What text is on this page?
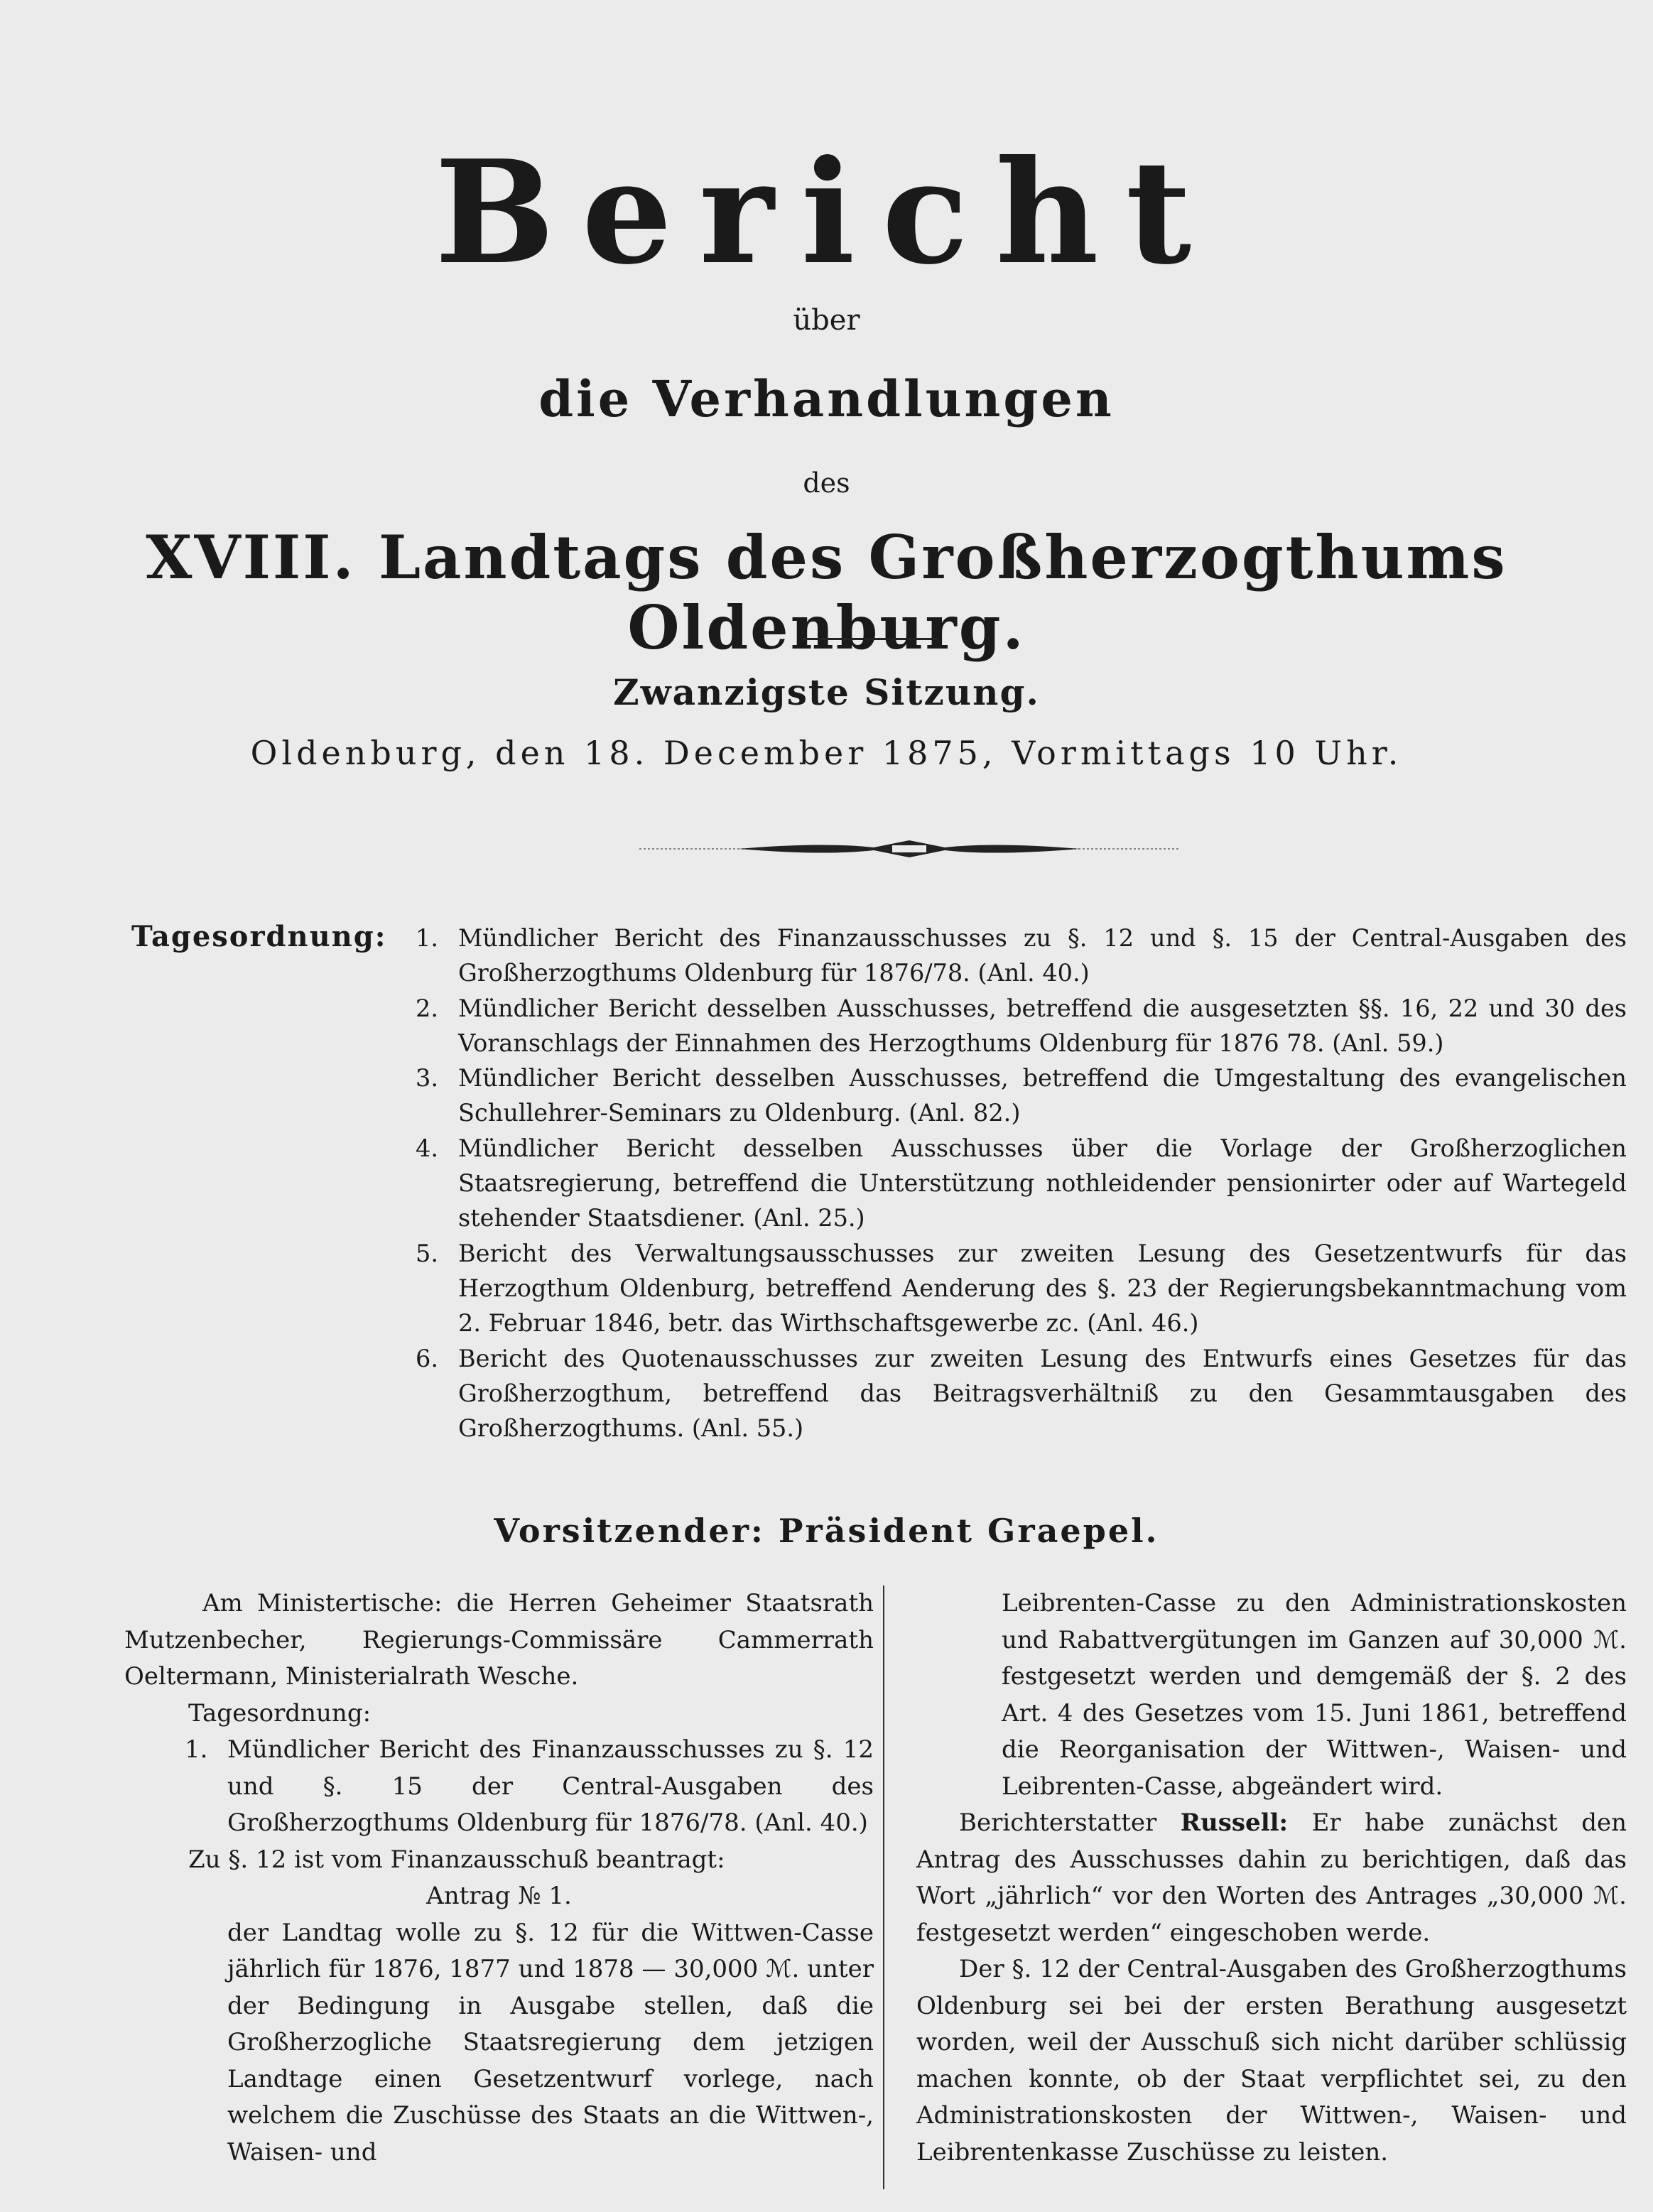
Bericht
über
die Verhandlungen
des
XVIII. Landtags des Großherzogthums Oldenburg.
Zwanzigste Sitzung.
Oldenburg, den 18. December 1875, Vormittags 10 Uhr.
Tagesordnung: 1. Mündlicher Bericht des Finanzausschusses zu §. 12 und §. 15 der Central-Ausgaben des Großherzogthums Oldenburg für 1876/78. (Anl. 40.)
2. Mündlicher Bericht desselben Ausschusses, betreffend die ausgesetzten §§. 16, 22 und 30 des Voranschlags der Einnahmen des Herzogthums Oldenburg für 1876 78. (Anl. 59.)
3. Mündlicher Bericht desselben Ausschusses, betreffend die Umgestaltung des evangelischen Schullehrer-Seminars zu Oldenburg. (Anl. 82.)
4. Mündlicher Bericht desselben Ausschusses über die Vorlage der Großherzoglichen Staatsregierung, betreffend die Unterstützung nothleidender pensionirter oder auf Wartegeld stehender Staatsdiener. (Anl. 25.)
5. Bericht des Verwaltungsausschusses zur zweiten Lesung des Gesetzentwurfs für das Herzogthum Oldenburg, betreffend Aenderung des §. 23 der Regierungsbekanntmachung vom 2. Februar 1846, betr. das Wirthschaftsgewerbe zc. (Anl. 46.)
6. Bericht des Quotenausschusses zur zweiten Lesung des Entwurfs eines Gesetzes für das Großherzogthum, betreffend das Beitragsverhältniß zu den Gesammtausgaben des Großherzogthums. (Anl. 55.)
Vorsitzender: Präsident Graepel.
Am Ministertische: die Herren Geheimer Staatsrath Mutzenbecher, Regierungs-Commissäre Cammerrath Oeltermann, Ministerialrath Wesche.
Tagesordnung:
1. Mündlicher Bericht des Finanzausschusses zu §. 12 und §. 15 der Central-Ausgaben des Großherzogthums Oldenburg für 1876/78. (Anl. 40.)
Zu §. 12 ist vom Finanzausschuß beantragt:
Antrag № 1.
der Landtag wolle zu §. 12 für die Wittwen-Casse jährlich für 1876, 1877 und 1878 — 30,000 ℳ. unter der Bedingung in Ausgabe stellen, daß die Großherzogliche Staatsregierung dem jetzigen Landtage einen Gesetzentwurf vorlege, nach welchem die Zuschüsse des Staats an die Wittwen-, Waisen- und
Leibrenten-Casse zu den Administrationskosten und Rabattvergütungen im Ganzen auf 30,000 ℳ. festgesetzt werden und demgemäß der §. 2 des Art. 4 des Gesetzes vom 15. Juni 1861, betreffend die Reorganisation der Wittwen-, Waisen- und Leibrenten-Casse, abgeändert wird.
Berichterstatter Russell: Er habe zunächst den Antrag des Ausschusses dahin zu berichtigen, daß das Wort „jährlich“ vor den Worten des Antrages „30,000 ℳ. festgesetzt werden“ eingeschoben werde.
Der §. 12 der Central-Ausgaben des Großherzogthums Oldenburg sei bei der ersten Berathung ausgesetzt worden, weil der Ausschuß sich nicht darüber schlüssig machen konnte, ob der Staat verpflichtet sei, zu den Administrationskosten der Wittwen-, Waisen- und Leibrentenkasse Zuschüsse zu leisten.
